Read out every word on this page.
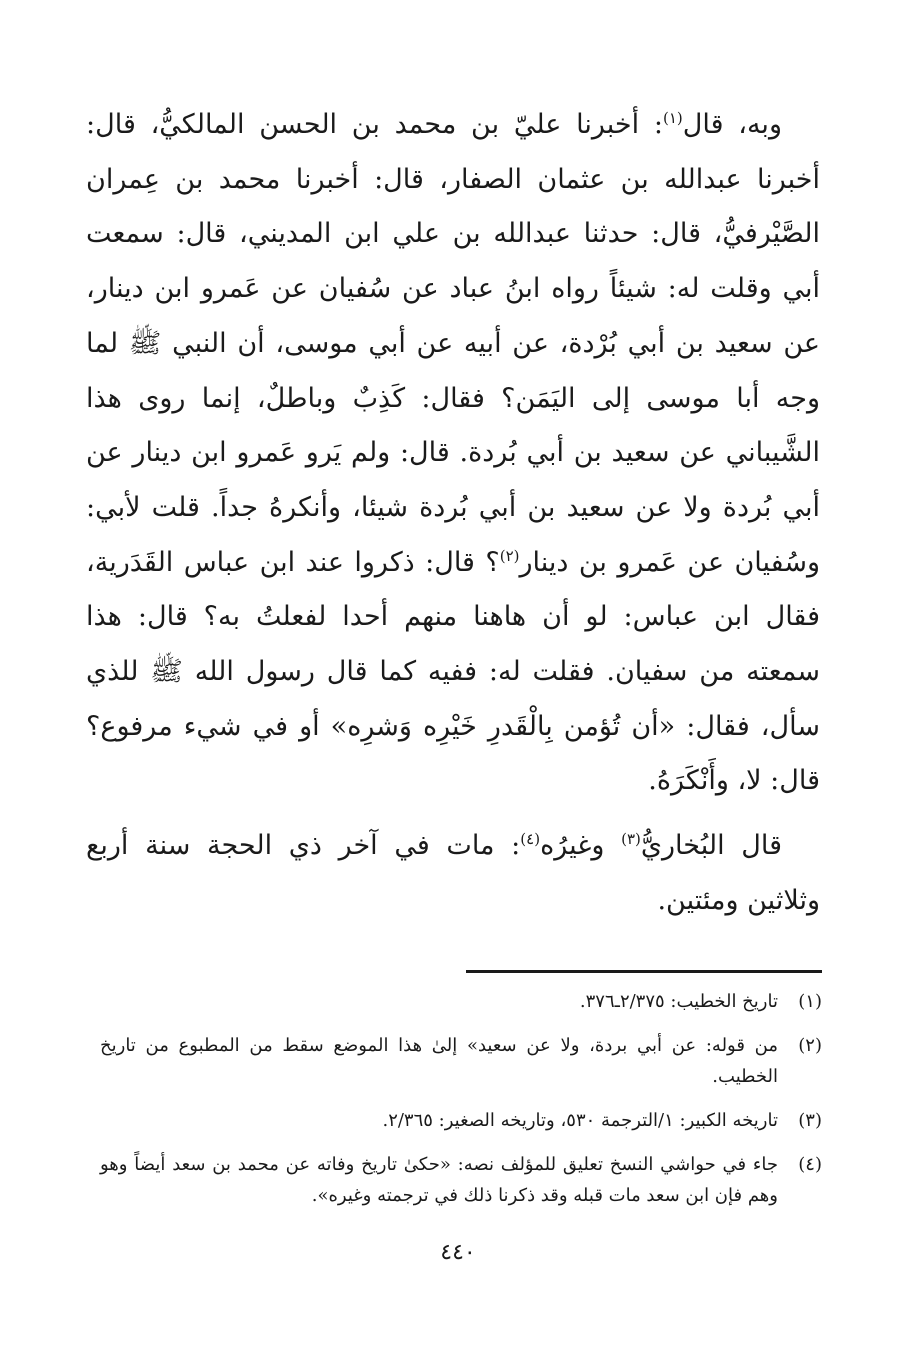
وبه، قال$^{(١)}$: أخبرنا عليّ بن محمد بن الحسن المالكيُّ، قال: أخبرنا عبدالله بن عثمان الصفار، قال: أخبرنا محمد بن عِمران الصَّيْرفيُّ، قال: حدثنا عبدالله بن علي ابن المديني، قال: سمعت أبي وقلت له: شيئاً رواه ابنُ عباد عن سُفيان عن عَمرو ابن دينار، عن سعيد بن أبي بُرْدة، عن أبيه عن أبي موسى، أن النبي ﷺ لما وجه أبا موسى إلى اليَمَن؟ فقال: كَذِبٌ وباطلٌ، إنما روى هذا الشَّيباني عن سعيد بن أبي بُردة. قال: ولم يَرو عَمرو ابن دينار عن أبي بُردة ولا عن سعيد بن أبي بُردة شيئا، وأنكرهُ جداً. قلت لأبي: وسُفيان عن عَمرو بن دينار$^{(٢)}$؟ قال: ذكروا عند ابن عباس القَدَرية، فقال ابن عباس: لو أن هاهنا منهم أحدا لفعلتُ به؟ قال: هذا سمعته من سفيان. فقلت له: ففيه كما قال رسول الله ﷺ للذي سأل، فقال: «أن تُؤمن بِالْقَدرِ خَيْرِه وَشرِه» أو في شيء مرفوع؟ قال: لا، وأَنْكَرَهُ.

قال البُخاريُّ$^{(٣)}$ وغيرُه$^{(٤)}$: مات في آخر ذي الحجة سنة أربع وثلاثين ومئتين.

(١)
تاريخ الخطيب: ٢/٣٧٥ـ٣٧٦.
(٢)
من قوله: عن أبي بردة، ولا عن سعيد» إلىٰ هذا الموضع سقط من المطبوع من تاريخ الخطيب.
(٣)
تاريخه الكبير: ١/الترجمة ٥٣٠، وتاريخه الصغير: ٢/٣٦٥.
(٤)
جاء في حواشي النسخ تعليق للمؤلف نصه: «حكىٰ تاريخ وفاته عن محمد بن سعد أيضاً وهو وهم فإن ابن سعد مات قبله وقد ذكرنا ذلك في ترجمته وغيره».
٤٤٠
